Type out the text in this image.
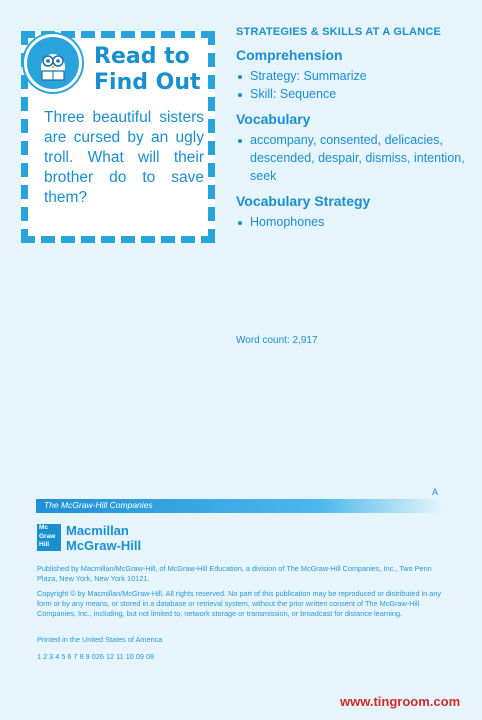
Read to
Find Out
Three beautiful sisters are cursed by an ugly troll. What will their brother do to save them?
STRATEGIES & SKILLS AT A GLANCE
Comprehension
Strategy: Summarize
Skill: Sequence
Vocabulary
accompany, consented, delicacies, descended, despair, dismiss, intention, seek
Vocabulary Strategy
Homophones
Word count: 2,917
A
The McGraw-Hill Companies
Mc
Graw
Hill
Macmillan
McGraw-Hill
Published by Macmillan/McGraw-Hill, of McGraw-Hill Education, a division of The McGraw-Hill Companies, Inc., Two Penn Plaza, New York, New York 10121.
Copyright © by Macmillan/McGraw-Hill. All rights reserved. No part of this publication may be reproduced or distributed in any form or by any means, or stored in a database or retrieval system, without the prior written consent of The McGraw-Hill Companies, Inc., including, but not limited to, network storage or transmission, or broadcast for distance learning.
Printed in the United States of America
1 2 3 4 5 6 7 8 9 026 12 11 10 09 08
www.tingroom.com
